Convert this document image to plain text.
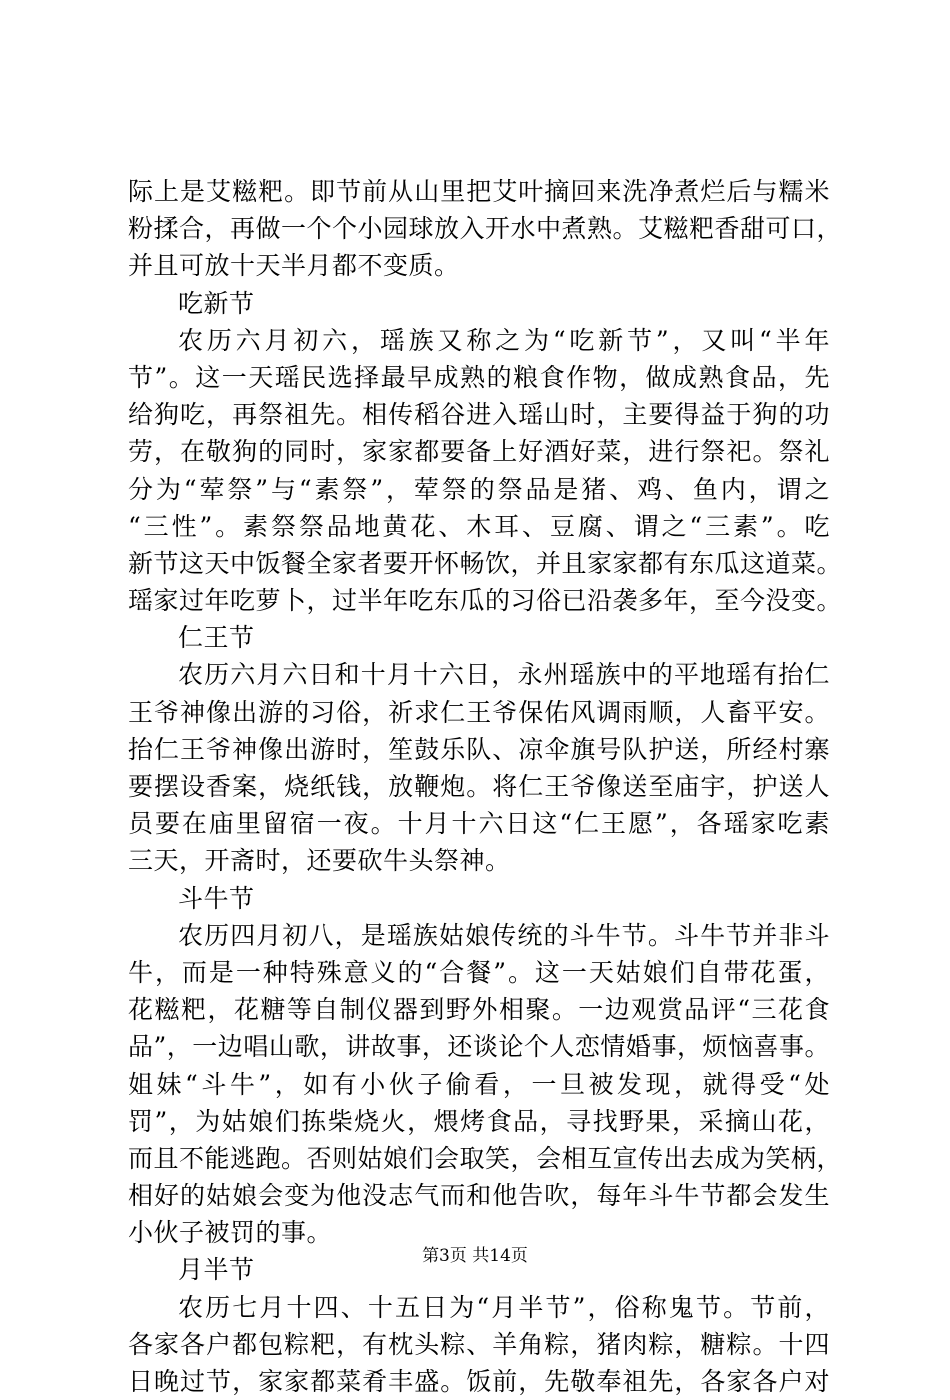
际上是艾糍粑。即节前从山里把艾叶摘回来洗净煮烂后与糯米
粉揉合，再做一个个小园球放入开水中煮熟。艾糍粑香甜可口，
并且可放十天半月都不变质。
吃新节
农历六月初六，瑶族又称之为“吃新节”，又叫“半年
节”。这一天瑶民选择最早成熟的粮食作物，做成熟食品，先
给狗吃，再祭祖先。相传稻谷进入瑶山时，主要得益于狗的功
劳，在敬狗的同时，家家都要备上好酒好菜，进行祭祀。祭礼
分为“荤祭”与“素祭”，荤祭的祭品是猪、鸡、鱼内，谓之
“三性”。素祭祭品地黄花、木耳、豆腐、谓之“三素”。吃
新节这天中饭餐全家者要开怀畅饮，并且家家都有东瓜这道菜。
瑶家过年吃萝卜，过半年吃东瓜的习俗已沿袭多年，至今没变。
仁王节
农历六月六日和十月十六日，永州瑶族中的平地瑶有抬仁
王爷神像出游的习俗，祈求仁王爷保佑风调雨顺，人畜平安。
抬仁王爷神像出游时，笙鼓乐队、凉伞旗号队护送，所经村寨
要摆设香案，烧纸钱，放鞭炮。将仁王爷像送至庙宇，护送人
员要在庙里留宿一夜。十月十六日这“仁王愿”，各瑶家吃素
三天，开斋时，还要砍牛头祭神。
斗牛节
农历四月初八，是瑶族姑娘传统的斗牛节。斗牛节并非斗
牛，而是一种特殊意义的“合餐”。这一天姑娘们自带花蛋，
花糍粑，花糖等自制仪器到野外相聚。一边观赏品评“三花食
品”，一边唱山歌，讲故事，还谈论个人恋情婚事，烦恼喜事。
姐妹“斗牛”，如有小伙子偷看，一旦被发现，就得受“处
罚”，为姑娘们拣柴烧火，煨烤食品，寻找野果，采摘山花，
而且不能逃跑。否则姑娘们会取笑，会相互宣传出去成为笑柄，
相好的姑娘会变为他没志气而和他告吹，每年斗牛节都会发生
小伙子被罚的事。
月半节
农历七月十四、十五日为“月半节”，俗称鬼节。节前，
各家各户都包粽粑，有枕头粽、羊角粽，猪肉粽，糖粽。十四
日晚过节，家家都菜肴丰盛。饭前，先敬奉祖先，各家各户对
第3页 共14页
